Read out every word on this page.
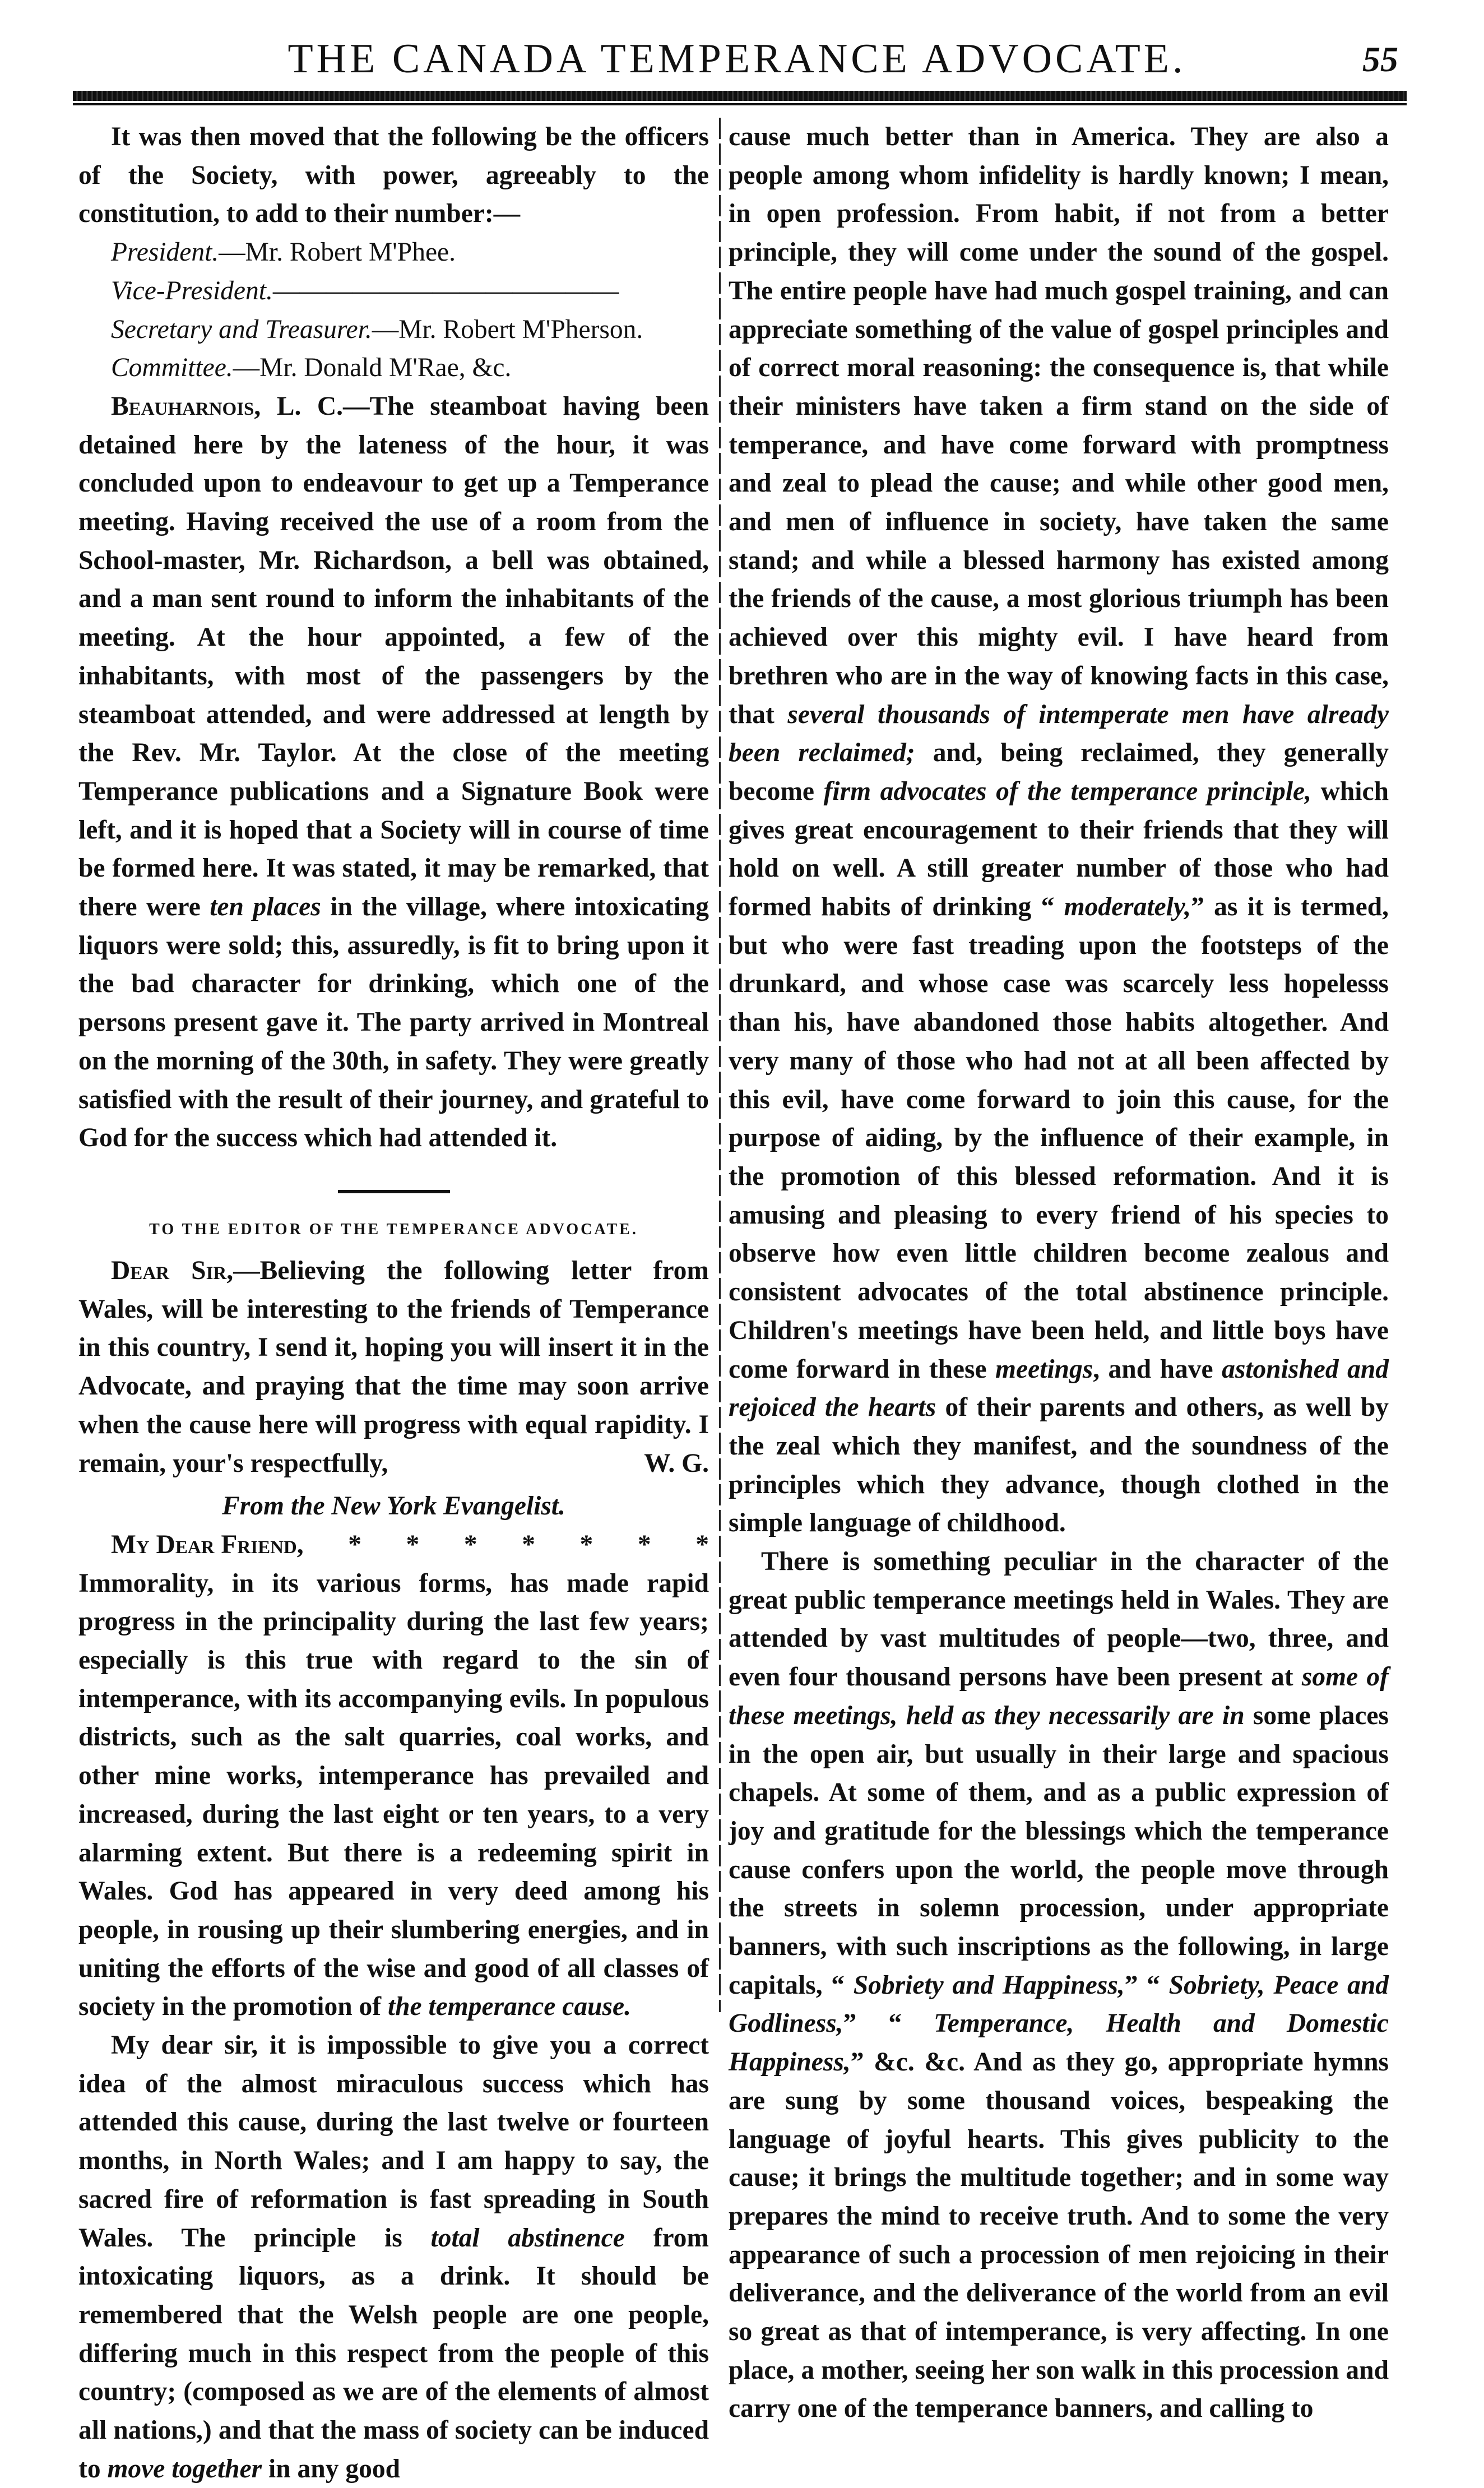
THE CANADA TEMPERANCE ADVOCATE.	55

It was then moved that the following be the officers of the Society, with power, agreeably to the constitution, to add to their number:—

President.—Mr. Robert M'Phee.

Vice-President.—————————————

Secretary and Treasurer.—Mr. Robert M'Pherson.

Committee.—Mr. Donald M'Rae, &c.

Beauharnois, L. C.—The steamboat having been detained here by the lateness of the hour, it was concluded upon to endeavour to get up a Temperance meeting. Having received the use of a room from the School-master, Mr. Richardson, a bell was obtained, and a man sent round to inform the inhabitants of the meeting. At the hour appointed, a few of the inhabitants, with most of the passengers by the steamboat attended, and were addressed at length by the Rev. Mr. Taylor. At the close of the meeting Temperance publications and a Signature Book were left, and it is hoped that a Society will in course of time be formed here. It was stated, it may be remarked, that there were ten places in the village, where intoxicating liquors were sold; this, assuredly, is fit to bring upon it the bad character for drinking, which one of the persons present gave it. The party arrived in Montreal on the morning of the 30th, in safety. They were greatly satisfied with the result of their journey, and grateful to God for the success which had attended it.

TO THE EDITOR OF THE TEMPERANCE ADVOCATE.

Dear Sir,—Believing the following letter from Wales, will be interesting to the friends of Temperance in this country, I send it, hoping you will insert it in the Advocate, and praying that the time may soon arrive when the cause here will progress with equal rapidity. I remain, your's respectfully,	W. G.

From the New York Evangelist.

My Dear Friend,	*	*	*	*	*	*	*

Immorality, in its various forms, has made rapid progress in the principality during the last few years; especially is this true with regard to the sin of intemperance, with its accompanying evils. In populous districts, such as the salt quarries, coal works, and other mine works, intemperance has prevailed and increased, during the last eight or ten years, to a very alarming extent. But there is a redeeming spirit in Wales. God has appeared in very deed among his people, in rousing up their slumbering energies, and in uniting the efforts of the wise and good of all classes of society in the promotion of the temperance cause.

My dear sir, it is impossible to give you a correct idea of the almost miraculous success which has attended this cause, during the last twelve or fourteen months, in North Wales; and I am happy to say, the sacred fire of reformation is fast spreading in South Wales. The principle is total abstinence from intoxicating liquors, as a drink. It should be remembered that the Welsh people are one people, differing much in this respect from the people of this country; (composed as we are of the elements of almost all nations,) and that the mass of society can be induced to move together in any good

cause much better than in America. They are also a people among whom infidelity is hardly known; I mean, in open profession. From habit, if not from a better principle, they will come under the sound of the gospel. The entire people have had much gospel training, and can appreciate something of the value of gospel principles and of correct moral reasoning: the consequence is, that while their ministers have taken a firm stand on the side of temperance, and have come forward with promptness and zeal to plead the cause; and while other good men, and men of influence in society, have taken the same stand; and while a blessed harmony has existed among the friends of the cause, a most glorious triumph has been achieved over this mighty evil. I have heard from brethren who are in the way of knowing facts in this case, that several thousands of intemperate men have already been reclaimed; and, being reclaimed, they generally become firm advocates of the temperance principle, which gives great encouragement to their friends that they will hold on well. A still greater number of those who had formed habits of drinking “ moderately,” as it is termed, but who were fast treading upon the footsteps of the drunkard, and whose case was scarcely less hopelesss than his, have abandoned those habits altogether. And very many of those who had not at all been affected by this evil, have come forward to join this cause, for the purpose of aiding, by the influence of their example, in the promotion of this blessed reformation. And it is amusing and pleasing to every friend of his species to observe how even little children become zealous and consistent advocates of the total abstinence principle. Children's meetings have been held, and little boys have come forward in these meetings, and have astonished and rejoiced the hearts of their parents and others, as well by the zeal which they manifest, and the soundness of the principles which they advance, though clothed in the simple language of childhood.

There is something peculiar in the character of the great public temperance meetings held in Wales. They are attended by vast multitudes of people—two, three, and even four thousand persons have been present at some of these meetings, held as they necessarily are in some places in the open air, but usually in their large and spacious chapels. At some of them, and as a public expression of joy and gratitude for the blessings which the temperance cause confers upon the world, the people move through the streets in solemn procession, under appropriate banners, with such inscriptions as the following, in large capitals, “ Sobriety and Happiness,” “ Sobriety, Peace and Godliness,” “ Temperance, Health and Domestic Happiness,” &c. &c. And as they go, appropriate hymns are sung by some thousand voices, bespeaking the language of joyful hearts. This gives publicity to the cause; it brings the multitude together; and in some way prepares the mind to receive truth. And to some the very appearance of such a procession of men rejoicing in their deliverance, and the deliverance of the world from an evil so great as that of intemperance, is very affecting. In one place, a mother, seeing her son walk in this procession and carry one of the temperance banners, and calling to
